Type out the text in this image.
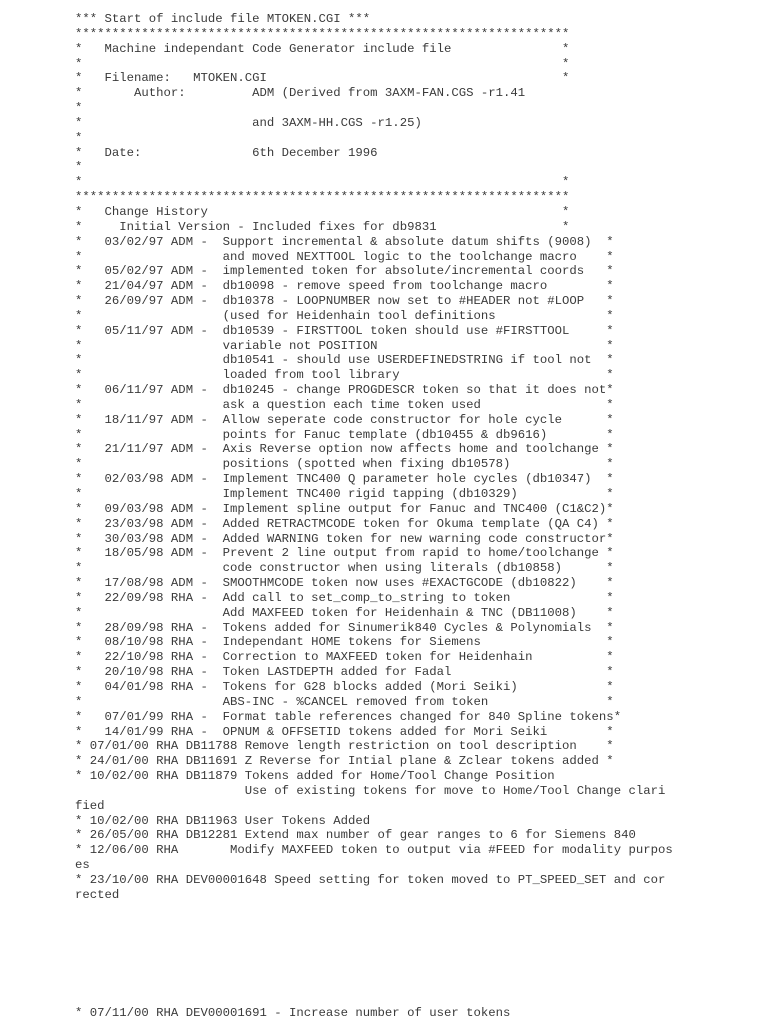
*** Start of include file MTOKEN.CGI ***
*******************************************************************
*   Machine independant Code Generator include file               *
*                                                                 *
*   Filename:   MTOKEN.CGI                                        *
*       Author:         ADM (Derived from 3AXM-FAN.CGS -r1.41
*
*                       and 3AXM-HH.CGS -r1.25)
*
*   Date:               6th December 1996
*
*                                                                 *
*******************************************************************
*   Change History                                                *
*     Initial Version - Included fixes for db9831                 *
*   03/02/97 ADM -  Support incremental & absolute datum shifts (9008)  *
*                   and moved NEXTTOOL logic to the toolchange macro    *
*   05/02/97 ADM -  implemented token for absolute/incremental coords   *
*   21/04/97 ADM -  db10098 - remove speed from toolchange macro        *
*   26/09/97 ADM -  db10378 - LOOPNUMBER now set to #HEADER not #LOOP   *
*                   (used for Heidenhain tool definitions               *
*   05/11/97 ADM -  db10539 - FIRSTTOOL token should use #FIRSTTOOL     *
*                   variable not POSITION                               *
*                   db10541 - should use USERDEFINEDSTRING if tool not  *
*                   loaded from tool library                            *
*   06/11/97 ADM -  db10245 - change PROGDESCR token so that it does not*
*                   ask a question each time token used                 *
*   18/11/97 ADM -  Allow seperate code constructor for hole cycle      *
*                   points for Fanuc template (db10455 & db9616)        *
*   21/11/97 ADM -  Axis Reverse option now affects home and toolchange *
*                   positions (spotted when fixing db10578)             *
*   02/03/98 ADM -  Implement TNC400 Q parameter hole cycles (db10347)  *
*                   Implement TNC400 rigid tapping (db10329)            *
*   09/03/98 ADM -  Implement spline output for Fanuc and TNC400 (C1&C2)*
*   23/03/98 ADM -  Added RETRACTMCODE token for Okuma template (QA C4) *
*   30/03/98 ADM -  Added WARNING token for new warning code constructor*
*   18/05/98 ADM -  Prevent 2 line output from rapid to home/toolchange *
*                   code constructor when using literals (db10858)      *
*   17/08/98 ADM -  SMOOTHMCODE token now uses #EXACTGCODE (db10822)    *
*   22/09/98 RHA -  Add call to set_comp_to_string to token             *
*                   Add MAXFEED token for Heidenhain & TNC (DB11008)    *
*   28/09/98 RHA -  Tokens added for Sinumerik840 Cycles & Polynomials  *
*   08/10/98 RHA -  Independant HOME tokens for Siemens                 *
*   22/10/98 RHA -  Correction to MAXFEED token for Heidenhain          *
*   20/10/98 RHA -  Token LASTDEPTH added for Fadal                     *
*   04/01/98 RHA -  Tokens for G28 blocks added (Mori Seiki)            *
*                   ABS-INC - %CANCEL removed from token                *
*   07/01/99 RHA -  Format table references changed for 840 Spline tokens*
*   14/01/99 RHA -  OPNUM & OFFSETID tokens added for Mori Seiki        *
* 07/01/00 RHA DB11788 Remove length restriction on tool description    *
* 24/01/00 RHA DB11691 Z Reverse for Intial plane & Zclear tokens added *
* 10/02/00 RHA DB11879 Tokens added for Home/Tool Change Position
Use of existing tokens for move to Home/Tool Change clari
fied
* 10/02/00 RHA DB11963 User Tokens Added
* 26/05/00 RHA DB12281 Extend max number of gear ranges to 6 for Siemens 840
* 12/06/00 RHA       Modify MAXFEED token to output via #FEED for modality purpos
es
* 23/10/00 RHA DEV00001648 Speed setting for token moved to PT_SPEED_SET and cor
rected
* 07/11/00 RHA DEV00001691 - Increase number of user tokens
